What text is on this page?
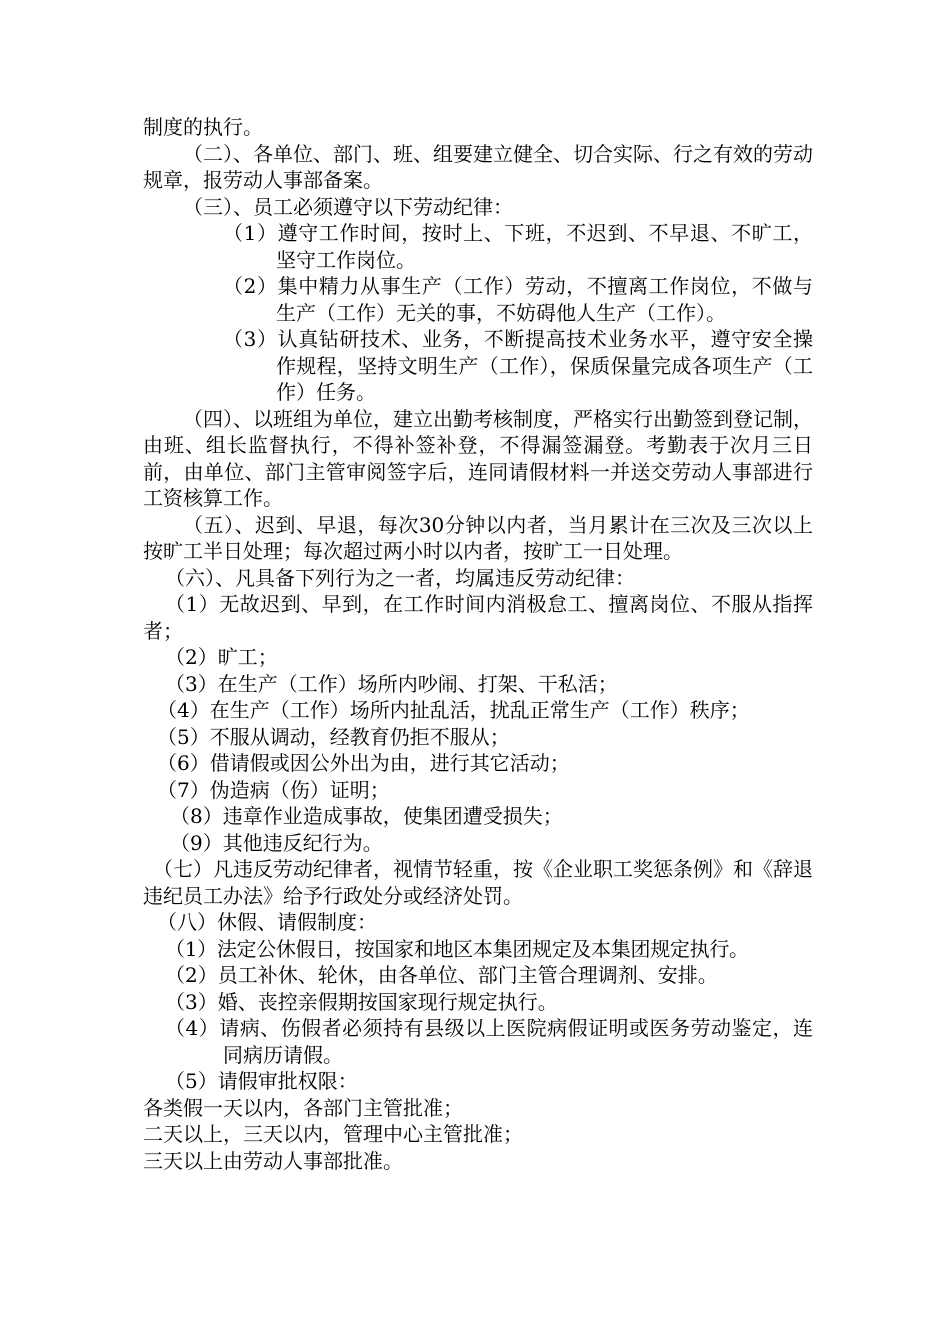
制度的执行。

（二）、各单位、部门、班、组要建立健全、切合实际、行之有效的劳动规章，报劳动人事部备案。

（三）、员工必须遵守以下劳动纪律：

（1）遵守工作时间，按时上、下班，不迟到、不早退、不旷工，坚守工作岗位。

（2）集中精力从事生产（工作）劳动，不擅离工作岗位，不做与生产（工作）无关的事，不妨碍他人生产（工作）。

（3）认真钻研技术、业务，不断提高技术业务水平，遵守安全操作规程，坚持文明生产（工作），保质保量完成各项生产（工作）任务。

（四）、以班组为单位，建立出勤考核制度，严格实行出勤签到登记制，由班、组长监督执行，不得补签补登，不得漏签漏登。考勤表于次月三日前，由单位、部门主管审阅签字后，连同请假材料一并送交劳动人事部进行工资核算工作。

（五）、迟到、早退，每次30分钟以内者，当月累计在三次及三次以上按旷工半日处理；每次超过两小时以内者，按旷工一日处理。

（六）、凡具备下列行为之一者，均属违反劳动纪律：

（1）无故迟到、早到，在工作时间内消极怠工、擅离岗位、不服从指挥者；

（2）旷工；

（3）在生产（工作）场所内吵闹、打架、干私活；

（4）在生产（工作）场所内扯乱活，扰乱正常生产（工作）秩序；

（5）不服从调动，经教育仍拒不服从；

（6）借请假或因公外出为由，进行其它活动；

（7）伪造病（伤）证明；

（8）违章作业造成事故，使集团遭受损失；

（9）其他违反纪行为。

（七）凡违反劳动纪律者，视情节轻重，按《企业职工奖惩条例》和《辞退违纪员工办法》给予行政处分或经济处罚。

（八）休假、请假制度：

（1）法定公休假日，按国家和地区本集团规定及本集团规定执行。

（2）员工补休、轮休，由各单位、部门主管合理调剂、安排。

（3）婚、丧控亲假期按国家现行规定执行。

（4）请病、伤假者必须持有县级以上医院病假证明或医务劳动鉴定，连同病历请假。

（5）请假审批权限：

各类假一天以内，各部门主管批准；

二天以上，三天以内，管理中心主管批准；

三天以上由劳动人事部批准。
